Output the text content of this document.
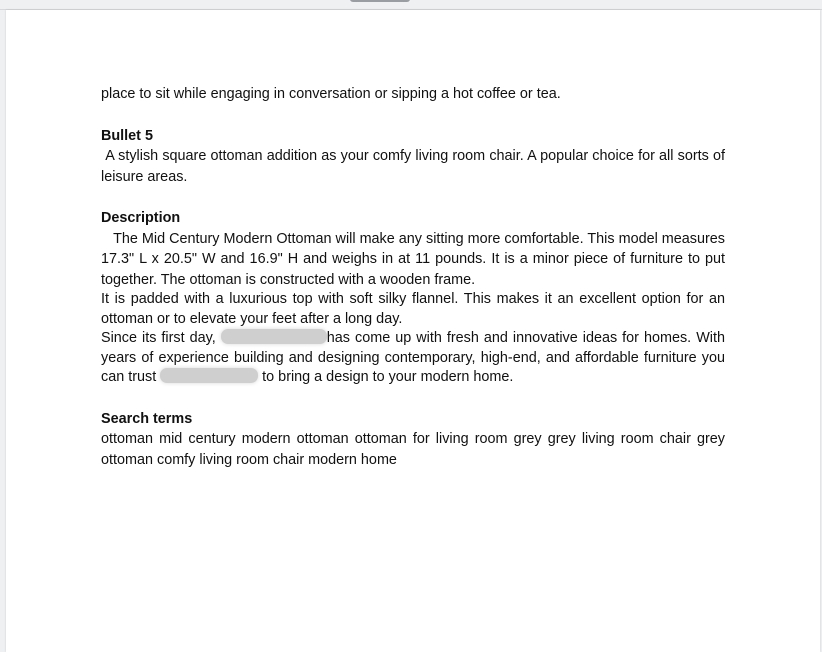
place to sit while engaging in conversation or sipping a hot coffee or tea.

Bullet 5

A stylish square ottoman addition as your comfy living room chair. A popular choice for all sorts of leisure areas.

Description

The Mid Century Modern Ottoman will make any sitting more comfortable. This model measures 17.3" L x 20.5" W and 16.9" H and weighs in at 11 pounds. It is a minor piece of furniture to put together. The ottoman is constructed with a wooden frame.

It is padded with a luxurious top with soft silky flannel. This makes it an excellent option for an ottoman or to elevate your feet after a long day.

Since its first day,	has come up with fresh and innovative ideas for homes. With years of experience building and designing contemporary, high-end, and affordable furniture you can trust	to bring a design to your modern home.

Search terms

ottoman mid century modern ottoman ottoman for living room grey grey living room chair grey ottoman comfy living room chair modern home
